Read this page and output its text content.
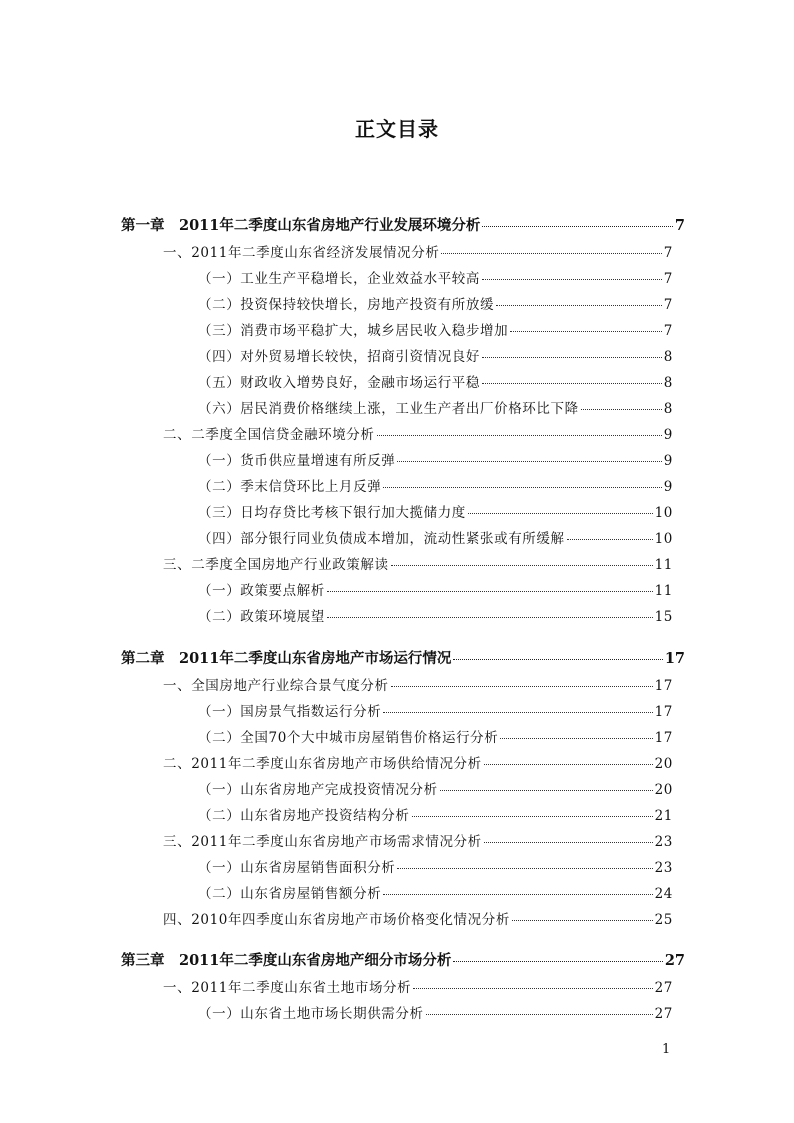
正文目录
第一章　2011年二季度山东省房地产行业发展环境分析	7
一、2011年二季度山东省经济发展情况分析	7
（一）工业生产平稳增长，企业效益水平较高	7
（二）投资保持较快增长，房地产投资有所放缓	7
（三）消费市场平稳扩大，城乡居民收入稳步增加	7
（四）对外贸易增长较快，招商引资情况良好	8
（五）财政收入增势良好，金融市场运行平稳	8
（六）居民消费价格继续上涨，工业生产者出厂价格环比下降	8
二、二季度全国信贷金融环境分析	9
（一）货币供应量增速有所反弹	9
（二）季末信贷环比上月反弹	9
（三）日均存贷比考核下银行加大揽储力度	10
（四）部分银行同业负债成本增加，流动性紧张或有所缓解	10
三、二季度全国房地产行业政策解读	11
（一）政策要点解析	11
（二）政策环境展望	15
第二章　2011年二季度山东省房地产市场运行情况	17
一、全国房地产行业综合景气度分析	17
（一）国房景气指数运行分析	17
（二）全国70个大中城市房屋销售价格运行分析	17
二、2011年二季度山东省房地产市场供给情况分析	20
（一）山东省房地产完成投资情况分析	20
（二）山东省房地产投资结构分析	21
三、2011年二季度山东省房地产市场需求情况分析	23
（一）山东省房屋销售面积分析	23
（二）山东省房屋销售额分析	24
四、2010年四季度山东省房地产市场价格变化情况分析	25
第三章　2011年二季度山东省房地产细分市场分析	27
一、2011年二季度山东省土地市场分析	27
（一）山东省土地市场长期供需分析	27
1
